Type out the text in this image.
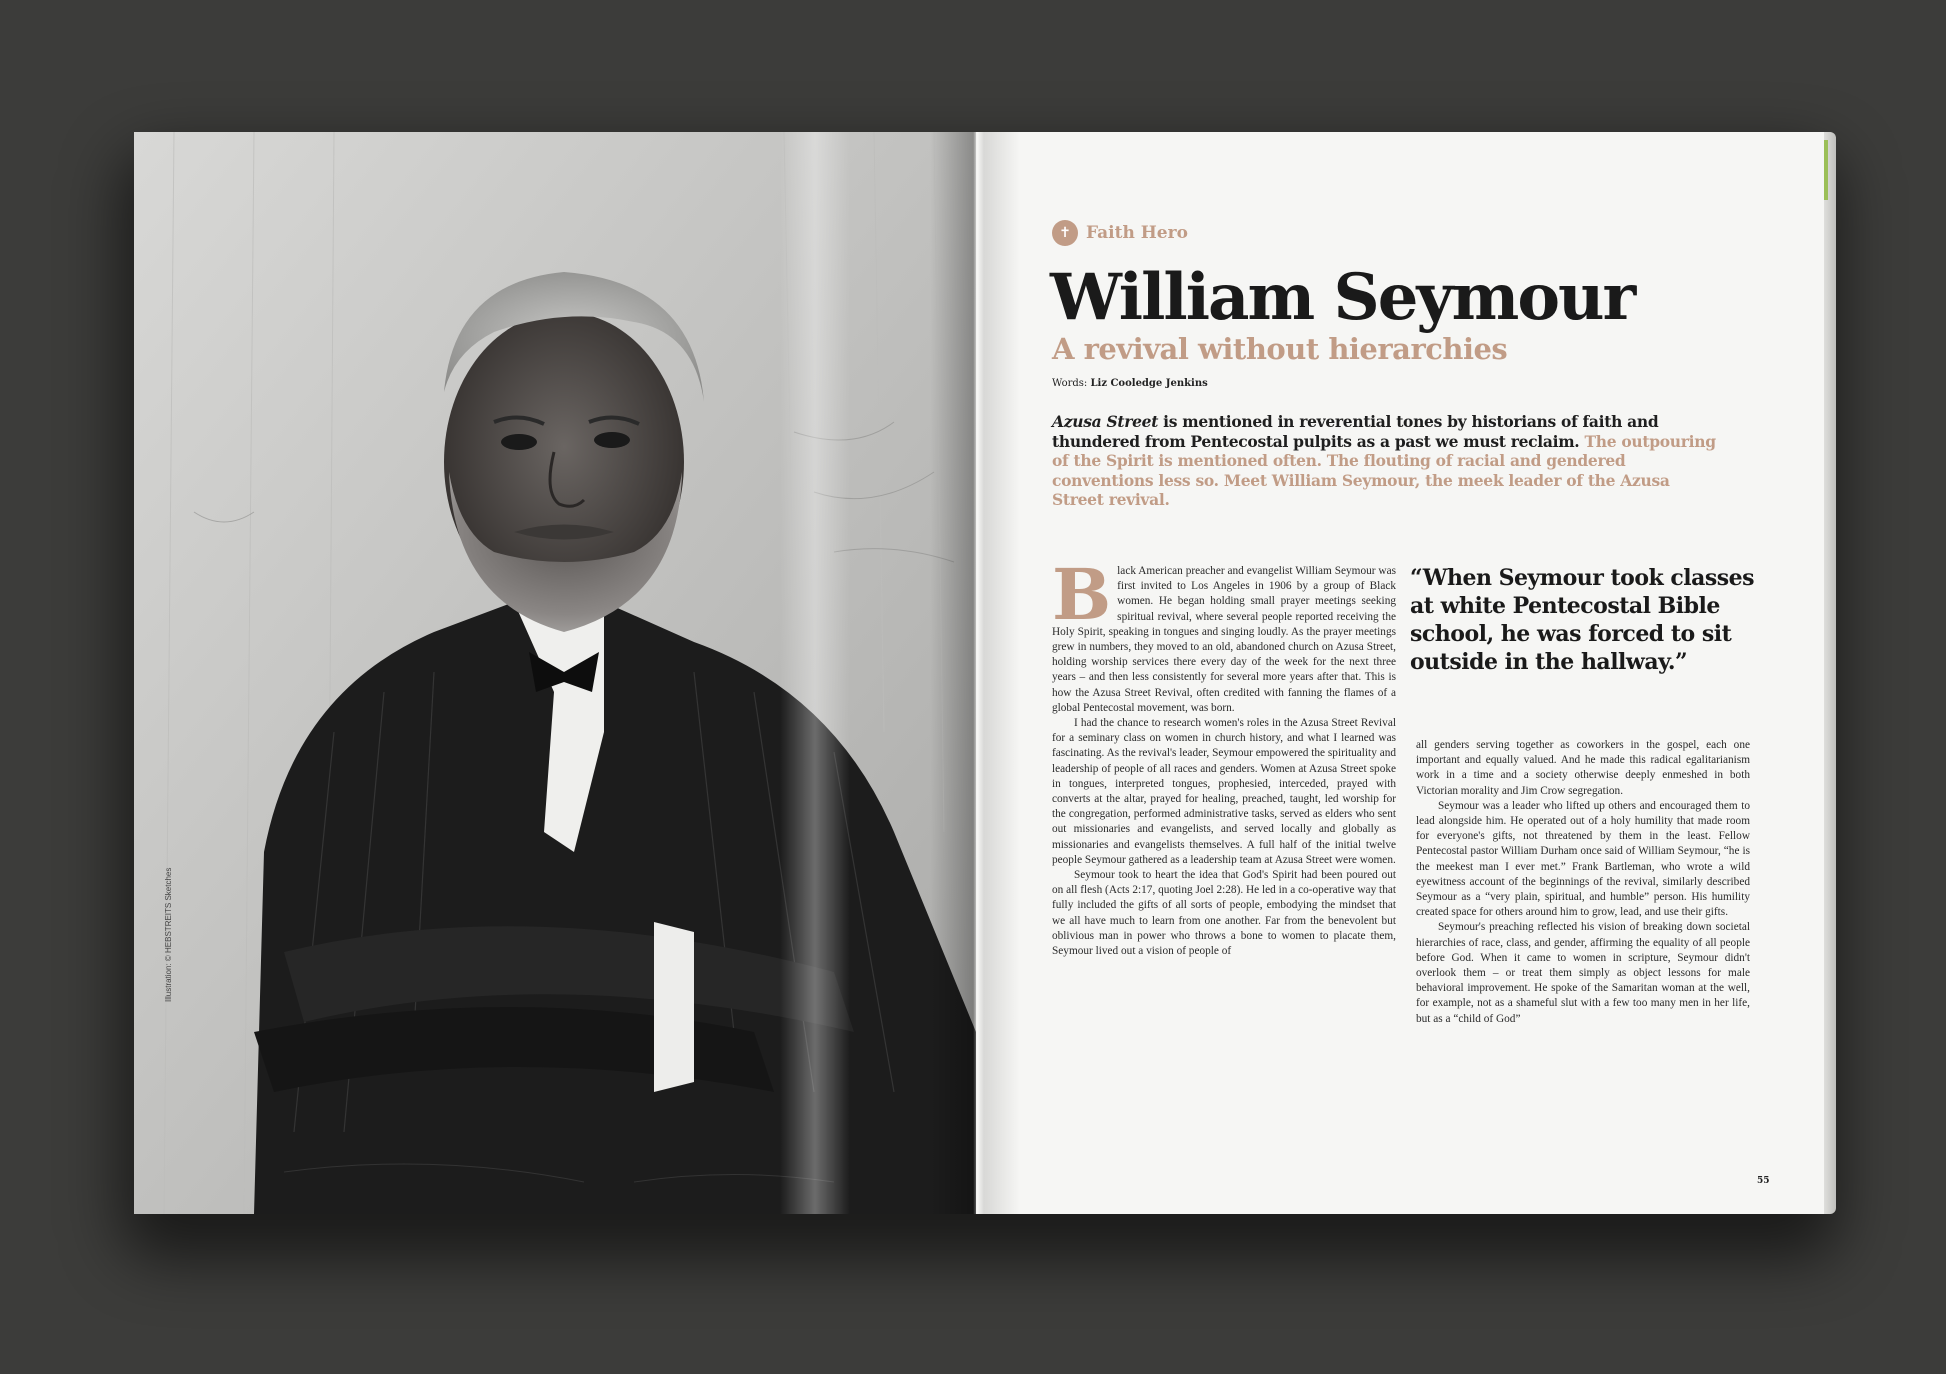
Illustration: © HEBSTREITS Sketches
✝ Faith Hero
William Seymour
A revival without hierarchies
Words: Liz Cooledge Jenkins
Azusa Street is mentioned in reverential tones by historians of faith and thundered from Pentecostal pulpits as a past we must reclaim. The outpouring of the Spirit is mentioned often. The flouting of racial and gendered conventions less so. Meet William Seymour, the meek leader of the Azusa Street revival.

Black American preacher and evangelist William Seymour was first invited to Los Angeles in 1906 by a group of Black women. He began holding small prayer meetings seeking spiritual revival, where several people reported receiving the Holy Spirit, speaking in tongues and singing loudly. As the prayer meetings grew in numbers, they moved to an old, abandoned church on Azusa Street, holding worship services there every day of the week for the next three years – and then less consistently for several more years after that. This is how the Azusa Street Revival, often credited with fanning the flames of a global Pentecostal movement, was born.

I had the chance to research women's roles in the Azusa Street Revival for a seminary class on women in church history, and what I learned was fascinating. As the revival's leader, Seymour empowered the spirituality and leadership of people of all races and genders. Women at Azusa Street spoke in tongues, interpreted tongues, prophesied, interceded, prayed with converts at the altar, prayed for healing, preached, taught, led worship for the congregation, performed administrative tasks, served as elders who sent out missionaries and evangelists, and served locally and globally as missionaries and evangelists themselves. A full half of the initial twelve people Seymour gathered as a leadership team at Azusa Street were women.

Seymour took to heart the idea that God's Spirit had been poured out on all flesh (Acts 2:17, quoting Joel 2:28). He led in a co-operative way that fully included the gifts of all sorts of people, embodying the mindset that we all have much to learn from one another. Far from the benevolent but oblivious man in power who throws a bone to women to placate them, Seymour lived out a vision of people of

“When Seymour took classes at white Pentecostal Bible school, he was forced to sit outside in the hallway.”

all genders serving together as coworkers in the gospel, each one important and equally valued. And he made this radical egalitarianism work in a time and a society otherwise deeply enmeshed in both Victorian morality and Jim Crow segregation.

Seymour was a leader who lifted up others and encouraged them to lead alongside him. He operated out of a holy humility that made room for everyone's gifts, not threatened by them in the least. Fellow Pentecostal pastor William Durham once said of William Seymour, “he is the meekest man I ever met.” Frank Bartleman, who wrote a wild eyewitness account of the beginnings of the revival, similarly described Seymour as a “very plain, spiritual, and humble” person. His humility created space for others around him to grow, lead, and use their gifts.

Seymour's preaching reflected his vision of breaking down societal hierarchies of race, class, and gender, affirming the equality of all people before God. When it came to women in scripture, Seymour didn't overlook them – or treat them simply as object lessons for male behavioral improvement. He spoke of the Samaritan woman at the well, for example, not as a shameful slut with a few too many men in her life, but as a “child of God”

55
